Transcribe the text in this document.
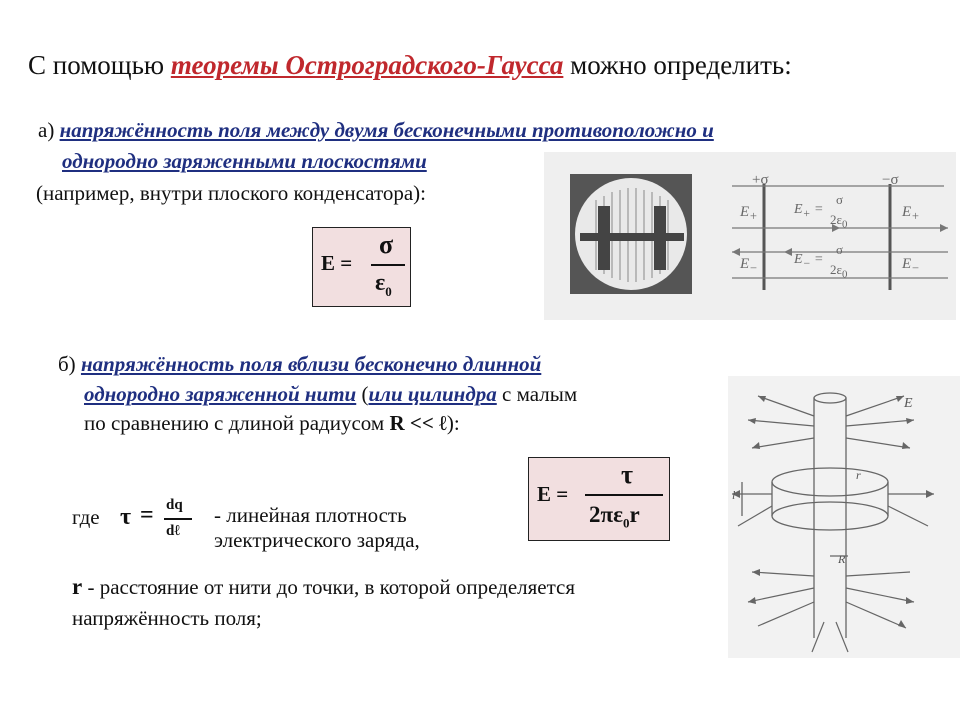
С помощью теоремы Остроградского-Гаусса можно определить:
а) напряжённость поля между двумя бесконечными противоположно и
однородно заряженными плоскостями
(например, внутри плоского конденсатора):
E =
σ
$\varepsilon_0$
+σ	−σ
$E_+$	$E_+$
$E_-$	$E_-$
$E_+$ =
σ
$2\varepsilon_0$
$E_-$ =
σ
$2\varepsilon_0$
б) напряжённость поля вблизи бесконечно длинной
однородно заряженной нити (или цилиндра с малым
по сравнению с длиной радиусом R << ℓ):
E =
τ
$2\pi\varepsilon_0r$
где τ = dq
dℓ
- линейная плотность
электрического заряда,
r - расстояние от нити до точки, в которой определяется
напряжённость поля;
E
r
l
R
